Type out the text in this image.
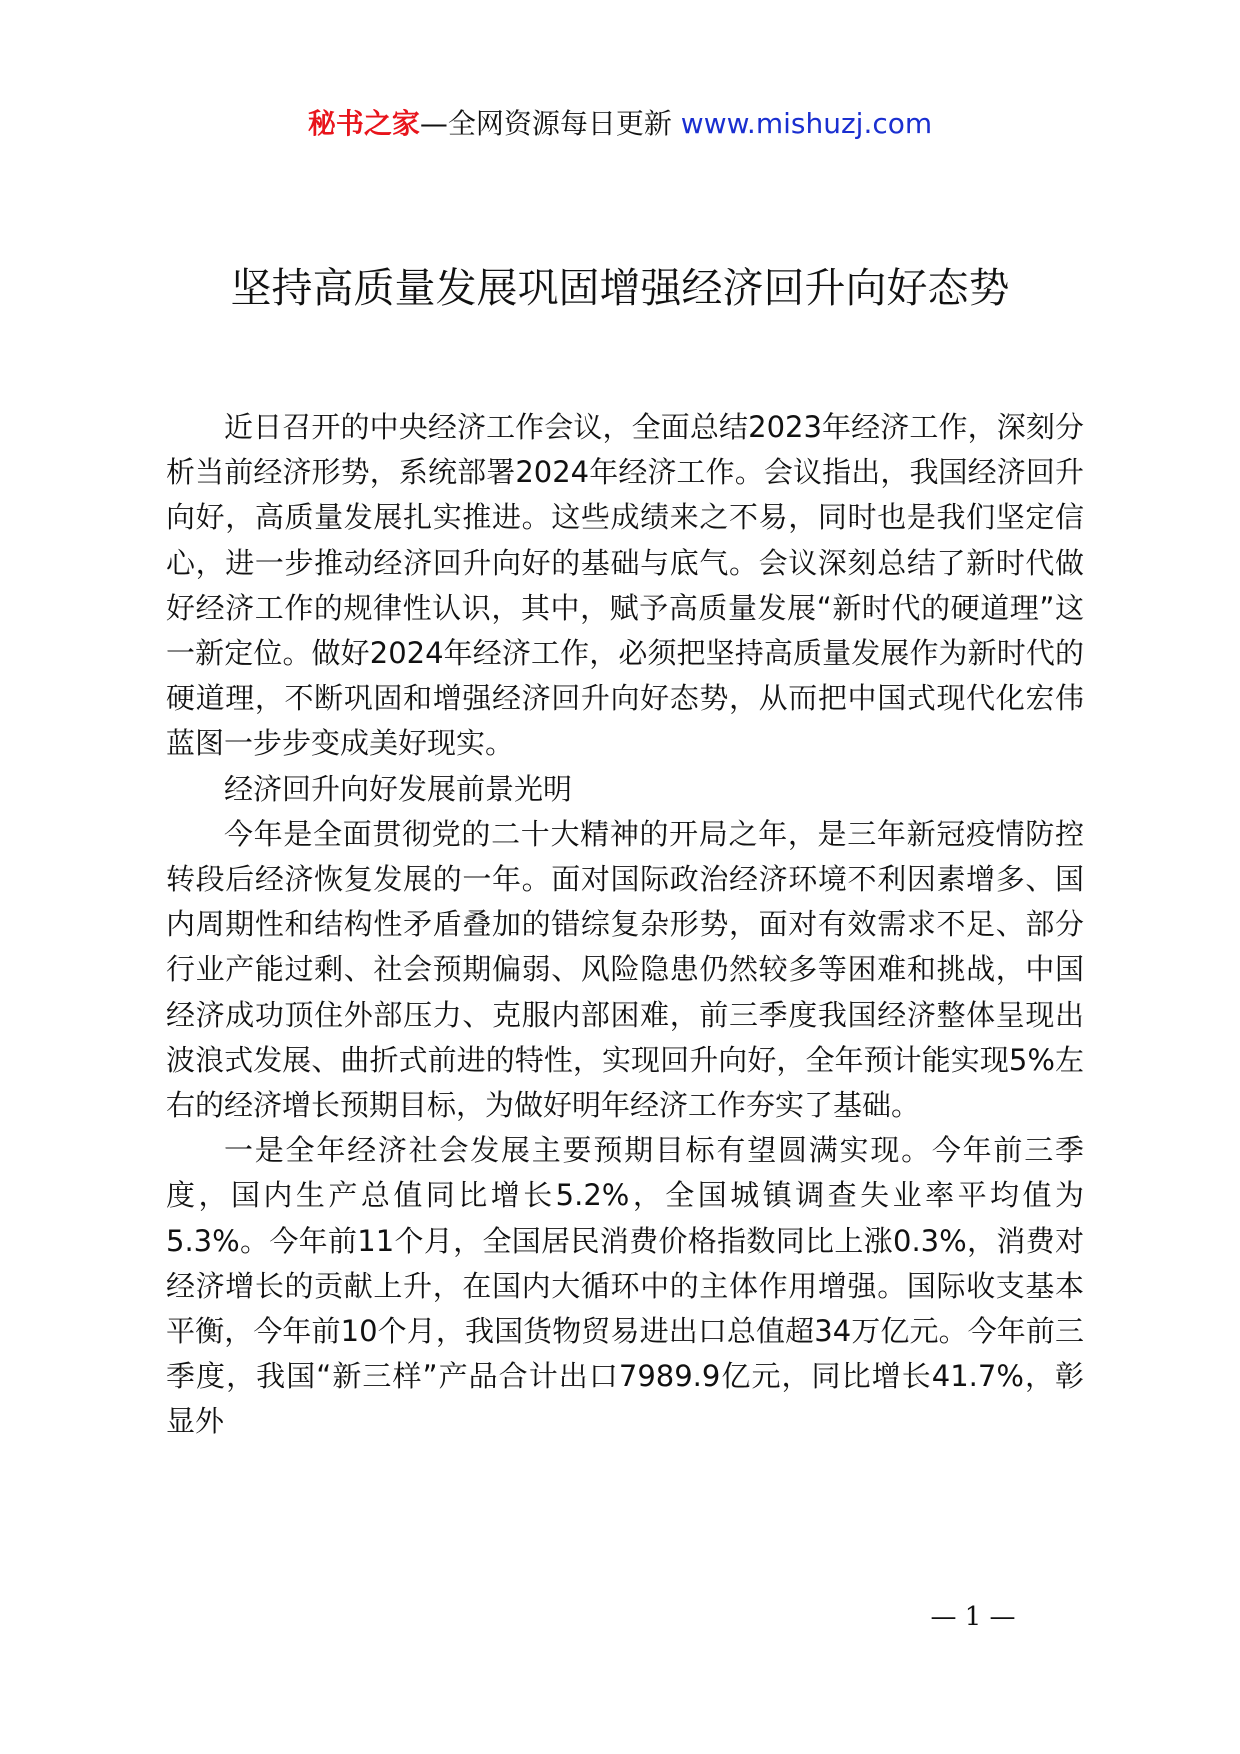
秘书之家—全网资源每日更新 www.mishuzj.com
坚持高质量发展巩固增强经济回升向好态势

近日召开的中央经济工作会议，全面总结2023年经济工作，深刻分析当前经济形势，系统部署2024年经济工作。会议指出，我国经济回升向好，高质量发展扎实推进。这些成绩来之不易，同时也是我们坚定信心，进一步推动经济回升向好的基础与底气。会议深刻总结了新时代做好经济工作的规律性认识，其中，赋予高质量发展“新时代的硬道理”这一新定位。做好2024年经济工作，必须把坚持高质量发展作为新时代的硬道理，不断巩固和增强经济回升向好态势，从而把中国式现代化宏伟蓝图一步步变成美好现实。

经济回升向好发展前景光明

今年是全面贯彻党的二十大精神的开局之年，是三年新冠疫情防控转段后经济恢复发展的一年。面对国际政治经济环境不利因素增多、国内周期性和结构性矛盾叠加的错综复杂形势，面对有效需求不足、部分行业产能过剩、社会预期偏弱、风险隐患仍然较多等困难和挑战，中国经济成功顶住外部压力、克服内部困难，前三季度我国经济整体呈现出波浪式发展、曲折式前进的特性，实现回升向好，全年预计能实现5%左右的经济增长预期目标，为做好明年经济工作夯实了基础。

一是全年经济社会发展主要预期目标有望圆满实现。今年前三季度，国内生产总值同比增长5.2%，全国城镇调查失业率平均值为5.3%。今年前11个月，全国居民消费价格指数同比上涨0.3%，消费对经济增长的贡献上升，在国内大循环中的主体作用增强。国际收支基本平衡，今年前10个月，我国货物贸易进出口总值超34万亿元。今年前三季度，我国“新三样”产品合计出口7989.9亿元，同比增长41.7%，彰显外

— 1 —
